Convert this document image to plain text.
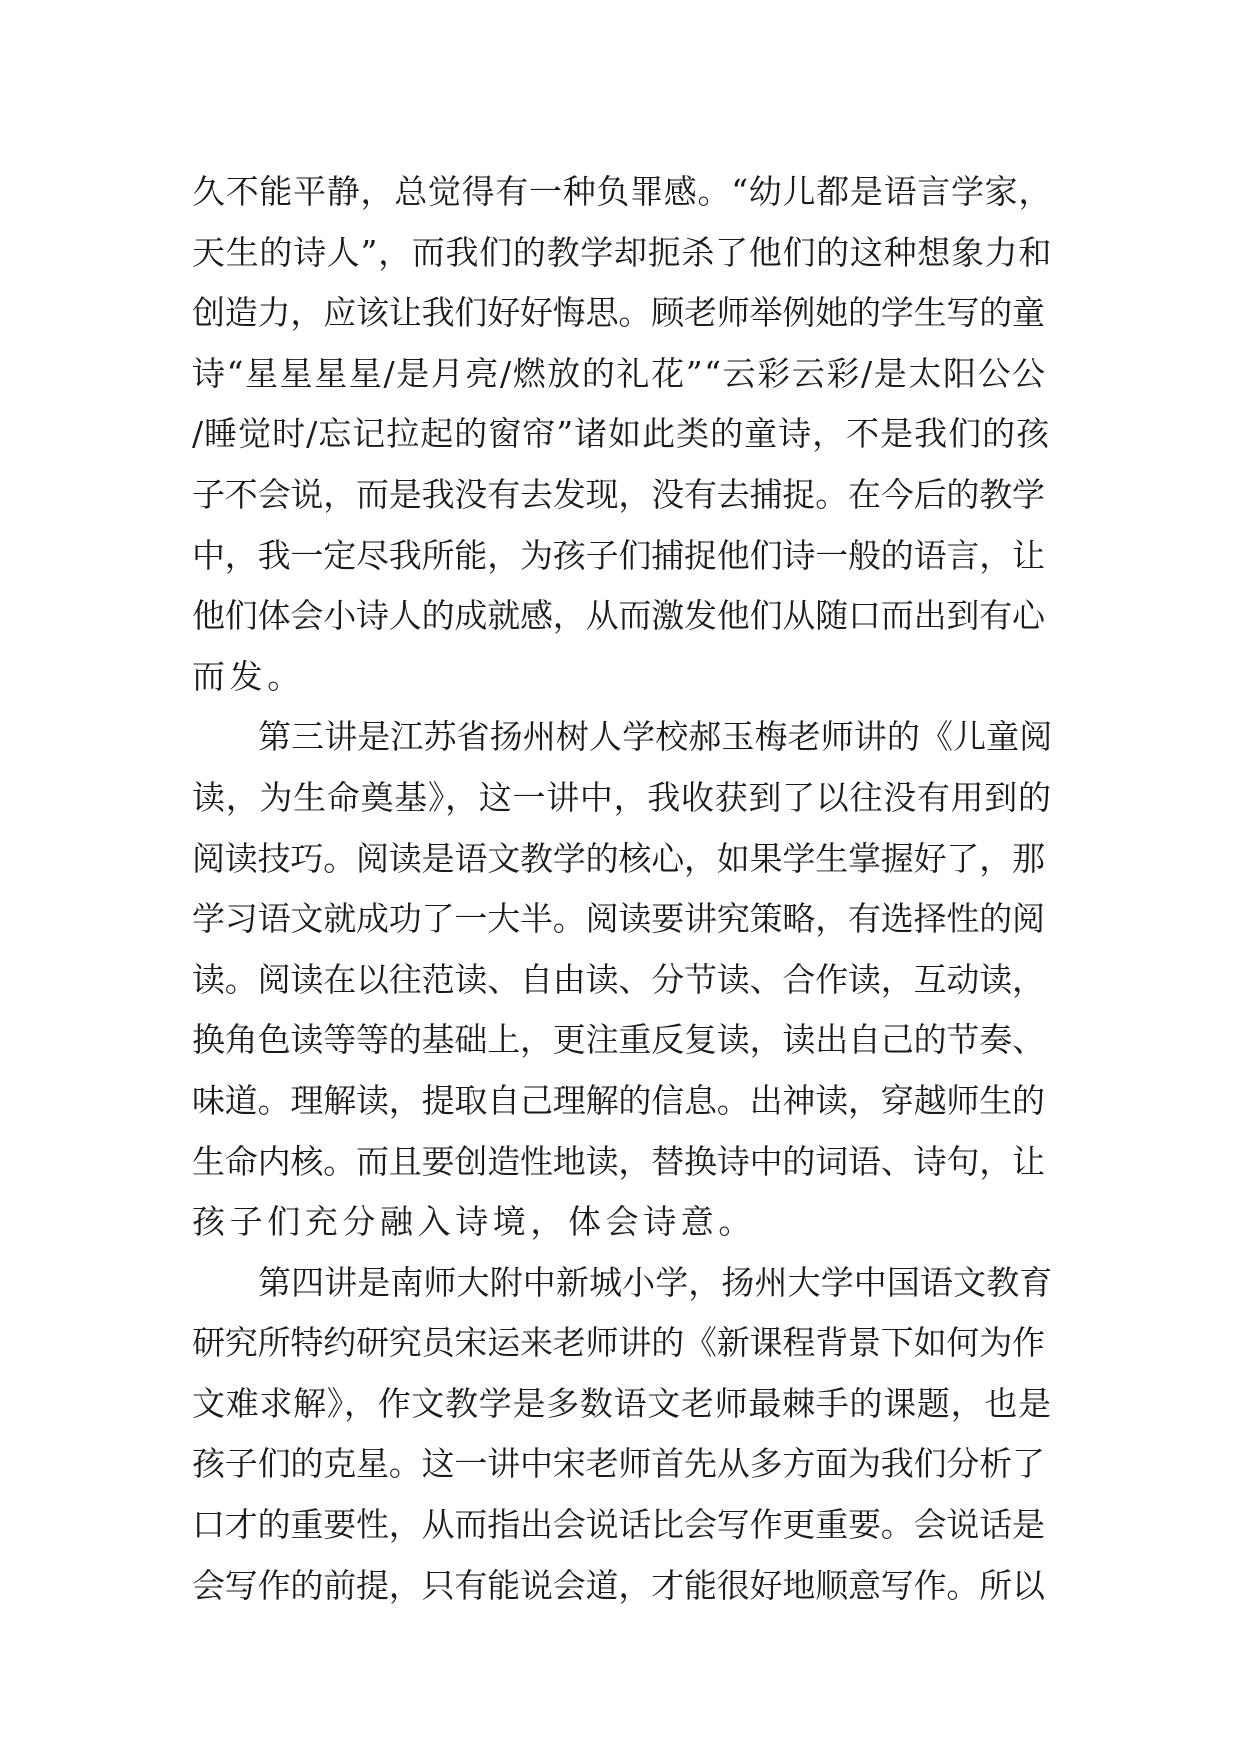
久不能平静，总觉得有一种负罪感。“幼儿都是语言学家，
天生的诗人”，而我们的教学却扼杀了他们的这种想象力和
创造力，应该让我们好好悔思。顾老师举例她的学生写的童
诗“星星星星/是月亮/燃放的礼花”“云彩云彩/是太阳公公
/睡觉时/忘记拉起的窗帘”诸如此类的童诗，不是我们的孩
子不会说，而是我没有去发现，没有去捕捉。在今后的教学
中，我一定尽我所能，为孩子们捕捉他们诗一般的语言，让
他们体会小诗人的成就感，从而激发他们从随口而出到有心
而发。
第三讲是江苏省扬州树人学校郝玉梅老师讲的《儿童阅
读，为生命奠基》，这一讲中，我收获到了以往没有用到的
阅读技巧。阅读是语文教学的核心，如果学生掌握好了，那
学习语文就成功了一大半。阅读要讲究策略，有选择性的阅
读。阅读在以往范读、自由读、分节读、合作读，互动读，
换角色读等等的基础上，更注重反复读，读出自己的节奏、
味道。理解读，提取自己理解的信息。出神读，穿越师生的
生命内核。而且要创造性地读，替换诗中的词语、诗句，让
孩子们充分融入诗境，体会诗意。
第四讲是南师大附中新城小学，扬州大学中国语文教育
研究所特约研究员宋运来老师讲的《新课程背景下如何为作
文难求解》，作文教学是多数语文老师最棘手的课题，也是
孩子们的克星。这一讲中宋老师首先从多方面为我们分析了
口才的重要性，从而指出会说话比会写作更重要。会说话是
会写作的前提，只有能说会道，才能很好地顺意写作。所以
